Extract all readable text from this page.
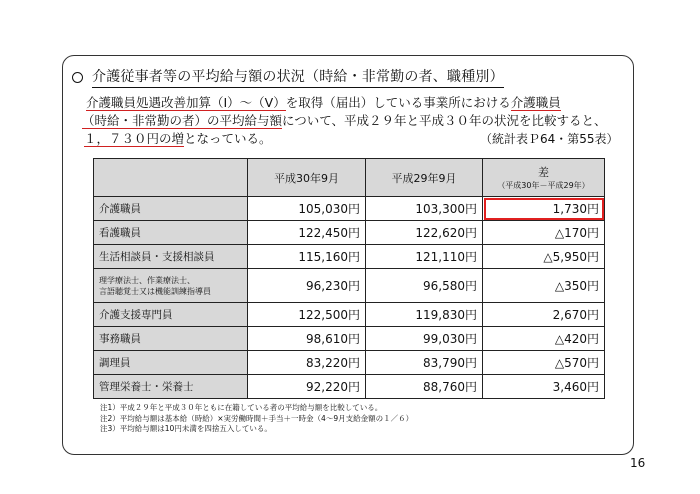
介護従事者等の平均給与額の状況（時給・非常勤の者、職種別）
介護職員処遇改善加算（Ⅰ）～（Ⅴ）を取得（届出）している事業所における介護職員
（時給・非常勤の者）の平均給与額について、平成２９年と平成３０年の状況を比較すると、
１，７３０円の増となっている。	（統計表Ｐ64・第55表）
	平成30年9月	平成29年9月	差
（平成30年－平成29年）

介護職員	105,030円	103,300円	1,730円
看護職員	122,450円	122,620円	△170円
生活相談員・支援相談員	115,160円	121,110円	△5,950円
理学療法士、作業療法士、
言語聴覚士又は機能訓練指導員	96,230円	96,580円	△350円
介護支援専門員	122,500円	119,830円	2,670円
事務職員	98,610円	99,030円	△420円
調理員	83,220円	83,790円	△570円
管理栄養士・栄養士	92,220円	88,760円	3,460円
注1）平成２９年と平成３０年ともに在籍している者の平均給与額を比較している。
注2）平均給与額は基本給（時給）×実労働時間＋手当＋一時金（4～9月支給金額の１／６）
注3）平均給与額は10円未満を四捨五入している。
16
